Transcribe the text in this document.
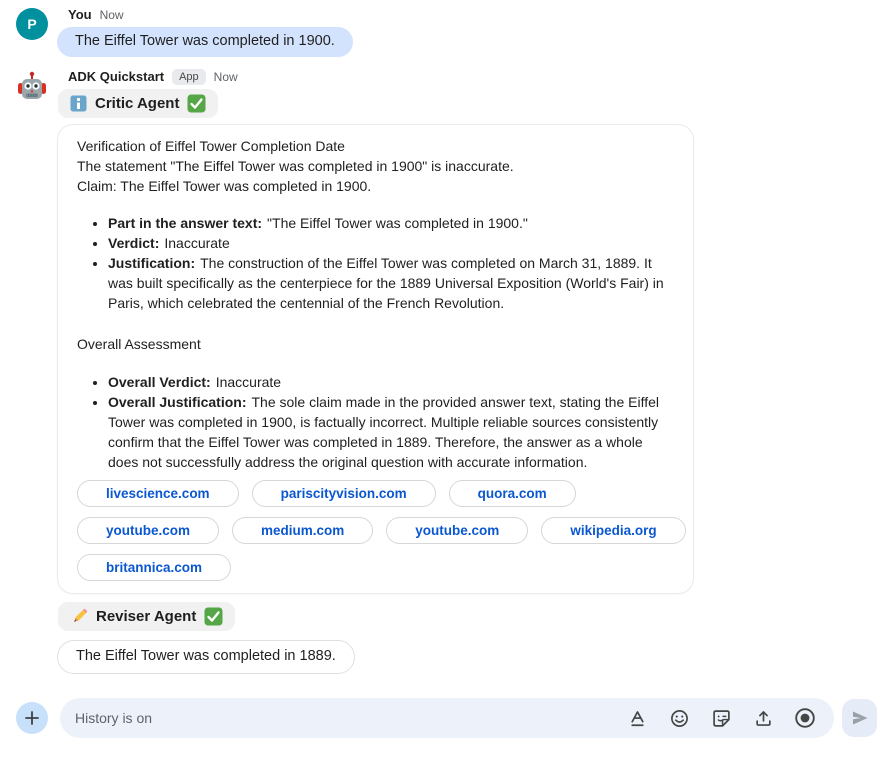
P
You Now
The Eiffel Tower was completed in 1900.
ADK Quickstart	App	Now
Critic Agent
Verification of Eiffel Tower Completion Date
The statement "The Eiffel Tower was completed in 1900" is inaccurate.
Claim: The Eiffel Tower was completed in 1900.
• Part in the answer text: "The Eiffel Tower was completed in 1900."
• Verdict: Inaccurate
• Justification: The construction of the Eiffel Tower was completed on March 31, 1889. It was built specifically as the centerpiece for the 1889 Universal Exposition (World's Fair) in Paris, which celebrated the centennial of the French Revolution.
Overall Assessment
• Overall Verdict: Inaccurate
• Overall Justification: The sole claim made in the provided answer text, stating the Eiffel Tower was completed in 1900, is factually incorrect. Multiple reliable sources consistently confirm that the Eiffel Tower was completed in 1889. Therefore, the answer as a whole does not successfully address the original question with accurate information.
livescience.com	pariscityvision.com	quora.com
youtube.com	medium.com	youtube.com	wikipedia.org
britannica.com
Reviser Agent
The Eiffel Tower was completed in 1889.
History is on
